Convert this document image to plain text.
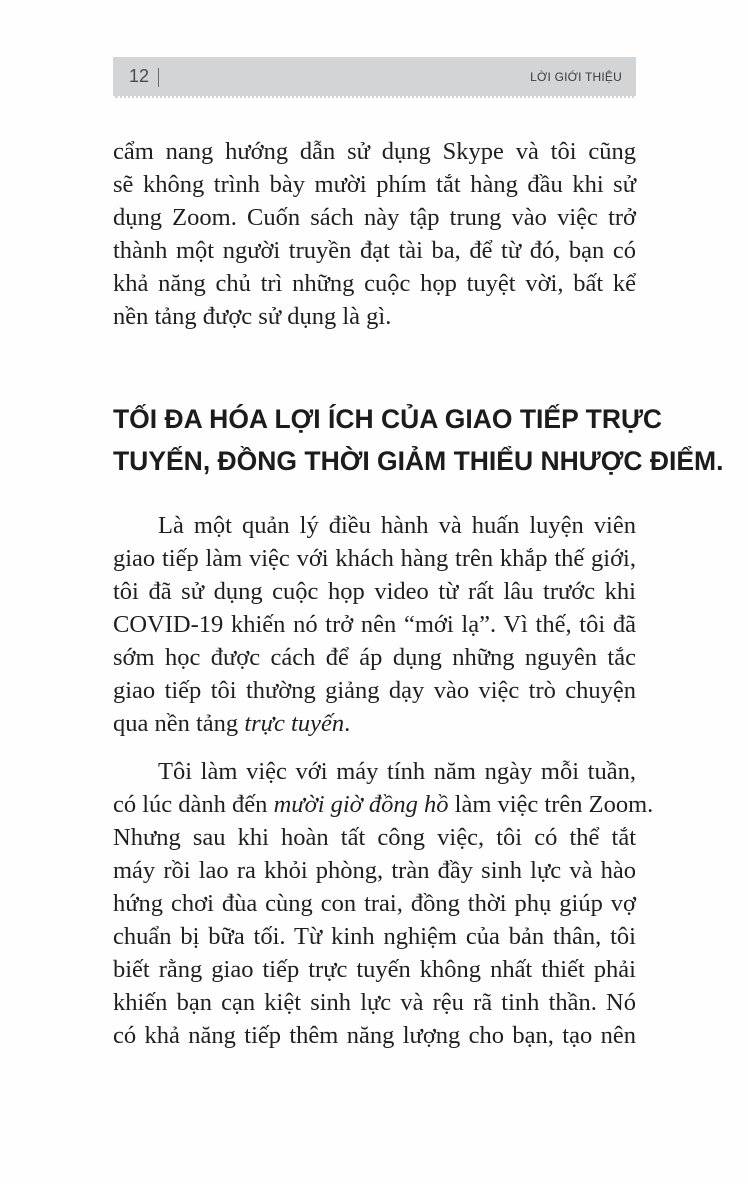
12	LỜI GIỚI THIỆU
cẩm nang hướng dẫn sử dụng Skype và tôi cũng
sẽ không trình bày mười phím tắt hàng đầu khi sử
dụng Zoom. Cuốn sách này tập trung vào việc trở
thành một người truyền đạt tài ba, để từ đó, bạn có
khả năng chủ trì những cuộc họp tuyệt vời, bất kể
nền tảng được sử dụng là gì.
TỐI ĐA HÓA LỢI ÍCH CỦA GIAO TIẾP TRỰC
TUYẾN, ĐỒNG THỜI GIẢM THIỂU NHƯỢC ĐIỂM.
Là một quản lý điều hành và huấn luyện viên
giao tiếp làm việc với khách hàng trên khắp thế giới,
tôi đã sử dụng cuộc họp video từ rất lâu trước khi
COVID-19 khiến nó trở nên “mới lạ”. Vì thế, tôi đã
sớm học được cách để áp dụng những nguyên tắc
giao tiếp tôi thường giảng dạy vào việc trò chuyện
qua nền tảng trực tuyến.
Tôi làm việc với máy tính năm ngày mỗi tuần,
có lúc dành đến mười giờ đồng hồ làm việc trên Zoom.
Nhưng sau khi hoàn tất công việc, tôi có thể tắt
máy rồi lao ra khỏi phòng, tràn đầy sinh lực và hào
hứng chơi đùa cùng con trai, đồng thời phụ giúp vợ
chuẩn bị bữa tối. Từ kinh nghiệm của bản thân, tôi
biết rằng giao tiếp trực tuyến không nhất thiết phải
khiến bạn cạn kiệt sinh lực và rệu rã tinh thần. Nó
có khả năng tiếp thêm năng lượng cho bạn, tạo nên
